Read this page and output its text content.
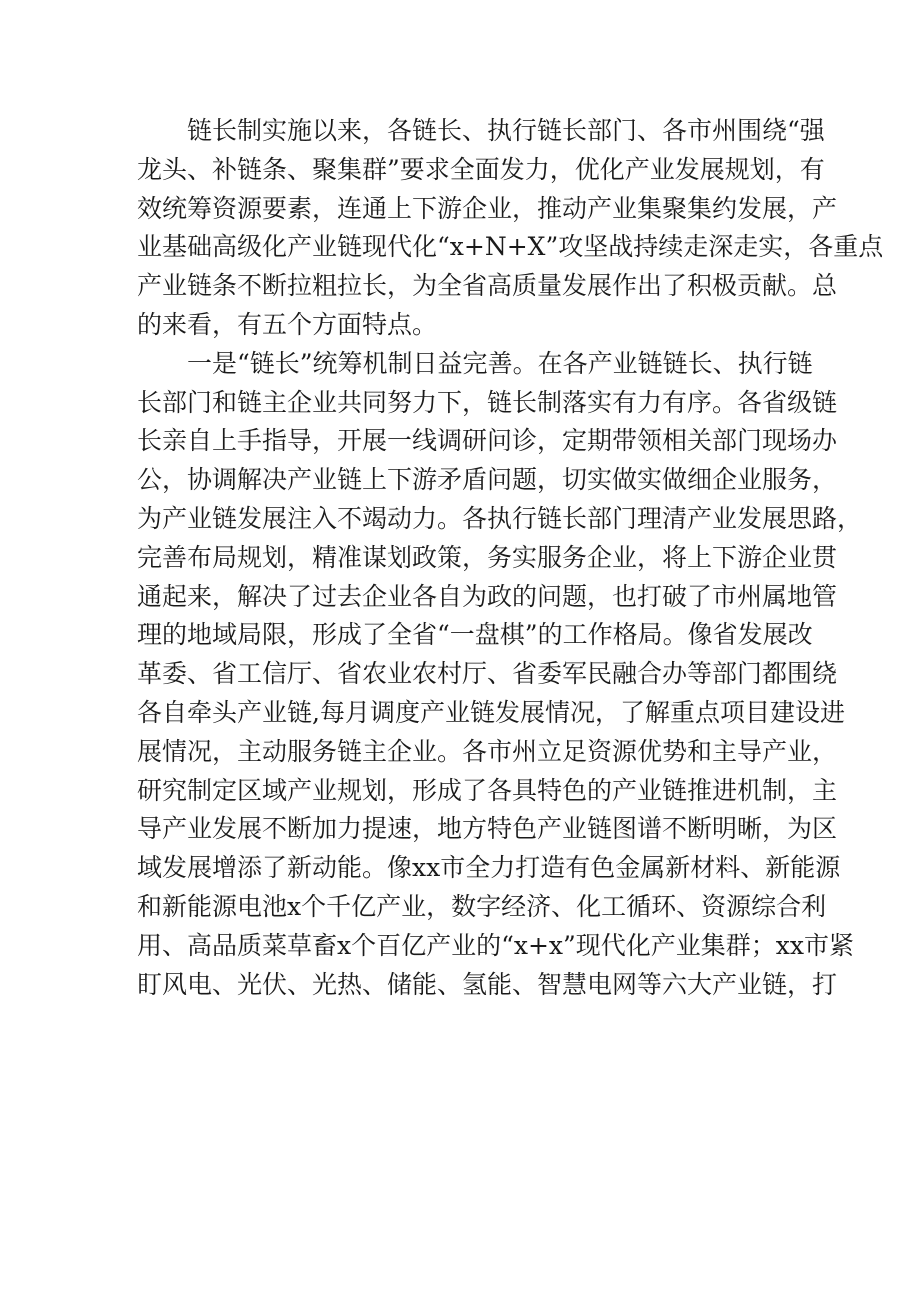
链长制实施以来，各链长、执行链长部门、各市州围绕“强
龙头、补链条、聚集群”要求全面发力，优化产业发展规划，有
效统筹资源要素，连通上下游企业，推动产业集聚集约发展，产
业基础高级化产业链现代化“x+N+X”攻坚战持续走深走实，各重点
产业链条不断拉粗拉长，为全省高质量发展作出了积极贡献。总
的来看，有五个方面特点。
一是“链长”统筹机制日益完善。在各产业链链长、执行链
长部门和链主企业共同努力下，链长制落实有力有序。各省级链
长亲自上手指导，开展一线调研问诊，定期带领相关部门现场办
公，协调解决产业链上下游矛盾问题，切实做实做细企业服务，
为产业链发展注入不竭动力。各执行链长部门理清产业发展思路，
完善布局规划，精准谋划政策，务实服务企业，将上下游企业贯
通起来，解决了过去企业各自为政的问题，也打破了市州属地管
理的地域局限，形成了全省“一盘棋”的工作格局。像省发展改
革委、省工信厅、省农业农村厅、省委军民融合办等部门都围绕
各自牵头产业链,每月调度产业链发展情况，了解重点项目建设进
展情况，主动服务链主企业。各市州立足资源优势和主导产业，
研究制定区域产业规划，形成了各具特色的产业链推进机制，主
导产业发展不断加力提速，地方特色产业链图谱不断明晰，为区
域发展增添了新动能。像xx市全力打造有色金属新材料、新能源
和新能源电池x个千亿产业，数字经济、化工循环、资源综合利
用、高品质菜草畜x个百亿产业的“x+x”现代化产业集群；xx市紧
盯风电、光伏、光热、储能、氢能、智慧电网等六大产业链，打
